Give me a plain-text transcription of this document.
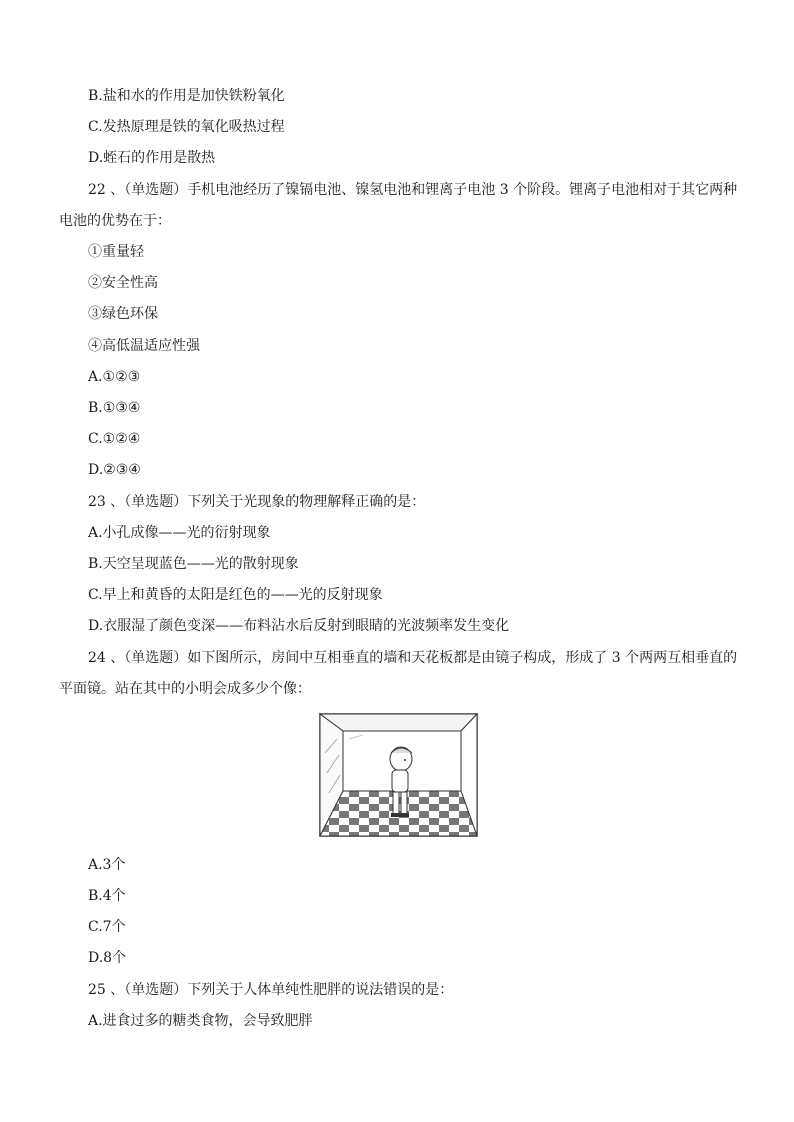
B.盐和水的作用是加快铁粉氧化
C.发热原理是铁的氧化吸热过程
D.蛭石的作用是散热
22 、（单选题）手机电池经历了镍镉电池、镍氢电池和锂离子电池 3 个阶段。锂离子电池相对于其它两种
电池的优势在于：
①重量轻
②安全性高
③绿色环保
④高低温适应性强
A.①②③
B.①③④
C.①②④
D.②③④
23 、（单选题）下列关于光现象的物理解释正确的是：
A.小孔成像——光的衍射现象
B.天空呈现蓝色——光的散射现象
C.早上和黄昏的太阳是红色的——光的反射现象
D.衣服湿了颜色变深——布料沾水后反射到眼睛的光波频率发生变化
24 、（单选题）如下图所示，房间中互相垂直的墙和天花板都是由镜子构成，形成了 3 个两两互相垂直的
平面镜。站在其中的小明会成多少个像：
A.3个
B.4个
C.7个
D.8个
25 、（单选题）下列关于人体单纯性肥胖的说法错误的是：
A.进食过多的糖类食物，会导致肥胖
